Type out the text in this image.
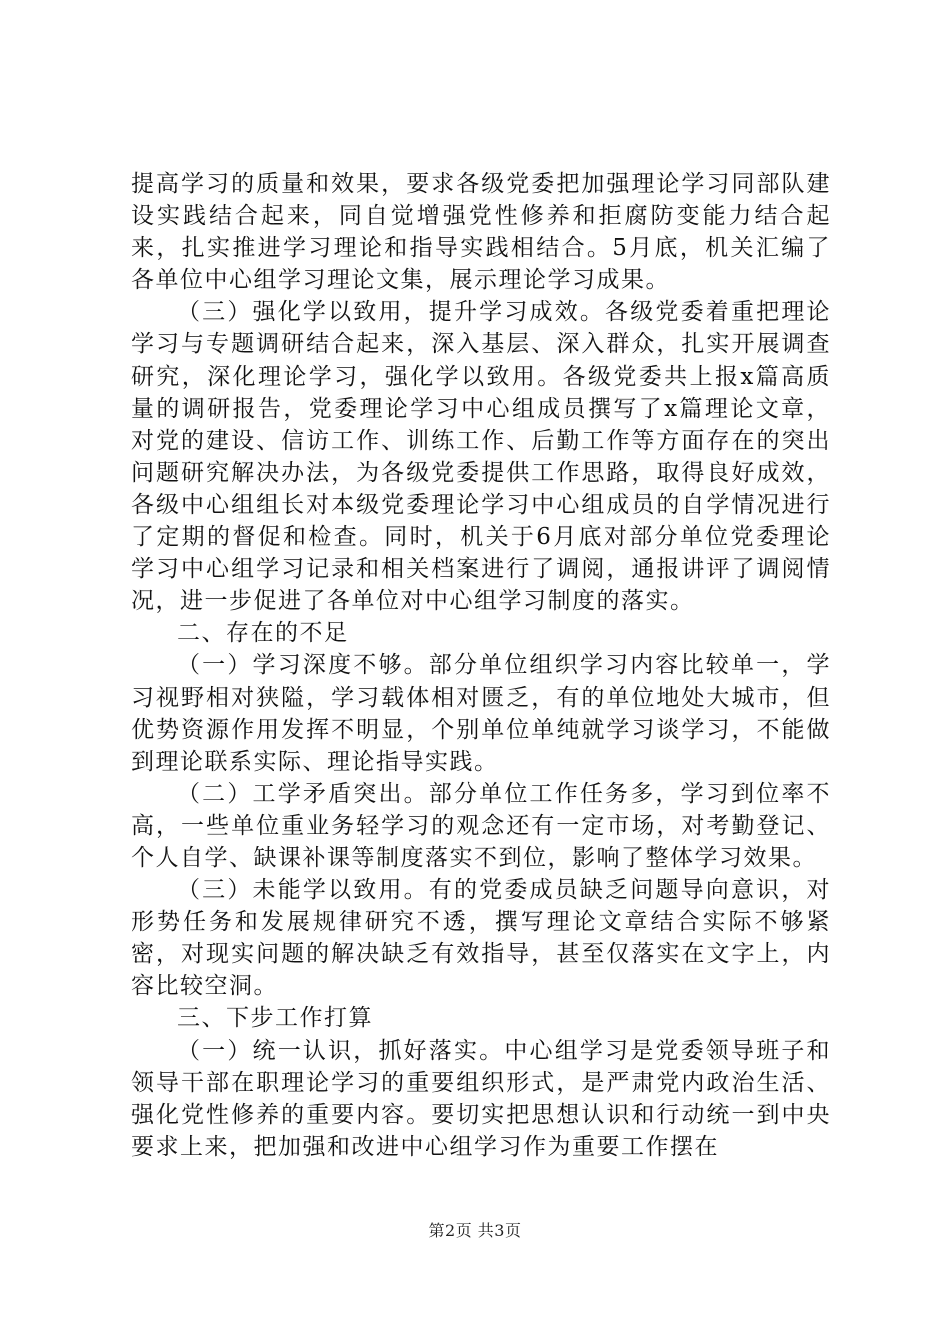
提高学习的质量和效果，要求各级党委把加强理论学习同部队建设实践结合起来，同自觉增强党性修养和拒腐防变能力结合起来，扎实推进学习理论和指导实践相结合。5月底，机关汇编了各单位中心组学习理论文集，展示理论学习成果。

（三）强化学以致用，提升学习成效。各级党委着重把理论学习与专题调研结合起来，深入基层、深入群众，扎实开展调查研究，深化理论学习，强化学以致用。各级党委共上报x篇高质量的调研报告，党委理论学习中心组成员撰写了x篇理论文章，对党的建设、信访工作、训练工作、后勤工作等方面存在的突出问题研究解决办法，为各级党委提供工作思路，取得良好成效，各级中心组组长对本级党委理论学习中心组成员的自学情况进行了定期的督促和检查。同时，机关于6月底对部分单位党委理论学习中心组学习记录和相关档案进行了调阅，通报讲评了调阅情况，进一步促进了各单位对中心组学习制度的落实。

二、存在的不足

（一）学习深度不够。部分单位组织学习内容比较单一，学习视野相对狭隘，学习载体相对匮乏，有的单位地处大城市，但优势资源作用发挥不明显，个别单位单纯就学习谈学习，不能做到理论联系实际、理论指导实践。

（二）工学矛盾突出。部分单位工作任务多，学习到位率不高，一些单位重业务轻学习的观念还有一定市场，对考勤登记、个人自学、缺课补课等制度落实不到位，影响了整体学习效果。

（三）未能学以致用。有的党委成员缺乏问题导向意识，对形势任务和发展规律研究不透，撰写理论文章结合实际不够紧密，对现实问题的解决缺乏有效指导，甚至仅落实在文字上，内容比较空洞。

三、下步工作打算

（一）统一认识，抓好落实。中心组学习是党委领导班子和领导干部在职理论学习的重要组织形式，是严肃党内政治生活、强化党性修养的重要内容。要切实把思想认识和行动统一到中央要求上来，把加强和改进中心组学习作为重要工作摆在

第2页 共3页
